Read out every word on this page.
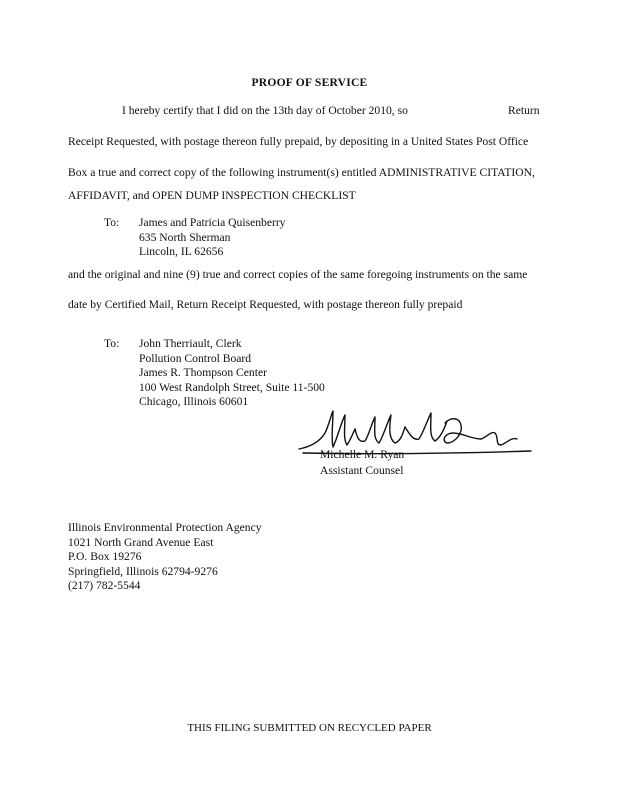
PROOF OF SERVICE
I hereby certify that I did on the 13th day of October 2010, so	Return
Receipt Requested, with postage thereon fully prepaid, by depositing in a United States Post Office
Box a true and correct copy of the following instrument(s) entitled ADMINISTRATIVE CITATION,
AFFIDAVIT, and OPEN DUMP INSPECTION CHECKLIST
To: James and Patricia Quisenberry
635 North Sherman
Lincoln, IL 62656
and the original and nine (9) true and correct copies of the same foregoing instruments on the same
date by Certified Mail, Return Receipt Requested, with postage thereon fully prepaid
To: John Therriault, Clerk
Pollution Control Board
James R. Thompson Center
100 West Randolph Street, Suite 11-500
Chicago, Illinois 60601
Michelle M. Ryan
Assistant Counsel
Illinois Environmental Protection Agency
1021 North Grand Avenue East
P.O. Box 19276
Springfield, Illinois 62794-9276
(217) 782-5544
THIS FILING SUBMITTED ON RECYCLED PAPER
